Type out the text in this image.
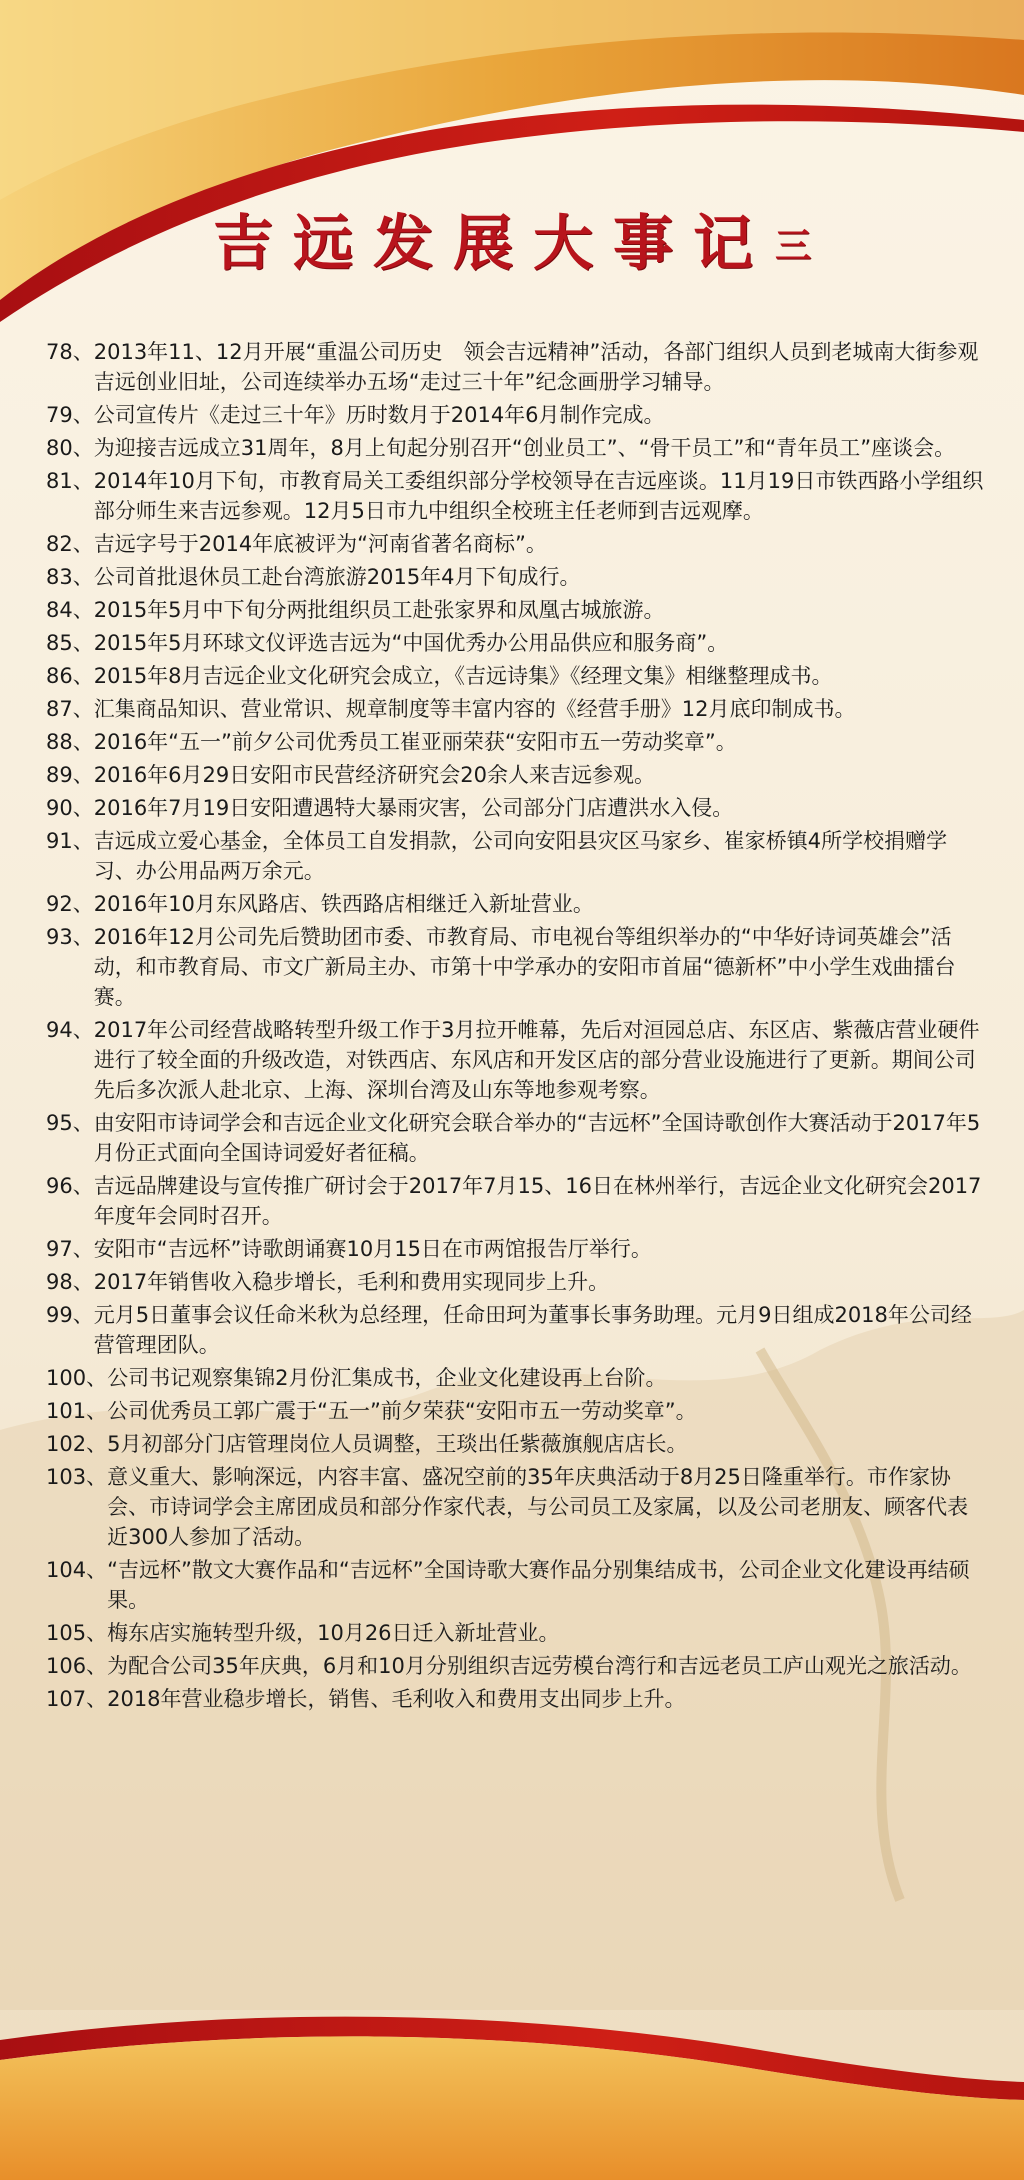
吉远发展大事记三
78、 2013年11、12月开展“重温公司历史　领会吉远精神”活动，各部门组织人员到老城南大街参观吉远创业旧址，公司连续举办五场“走过三十年”纪念画册学习辅导。
79、 公司宣传片《走过三十年》历时数月于2014年6月制作完成。
80、 为迎接吉远成立31周年，8月上旬起分别召开“创业员工”、“骨干员工”和“青年员工”座谈会。
81、 2014年10月下旬，市教育局关工委组织部分学校领导在吉远座谈。11月19日市铁西路小学组织部分师生来吉远参观。12月5日市九中组织全校班主任老师到吉远观摩。
82、 吉远字号于2014年底被评为“河南省著名商标”。
83、 公司首批退休员工赴台湾旅游2015年4月下旬成行。
84、 2015年5月中下旬分两批组织员工赴张家界和凤凰古城旅游。
85、 2015年5月环球文仪评选吉远为“中国优秀办公用品供应和服务商”。
86、 2015年8月吉远企业文化研究会成立，《吉远诗集》《经理文集》相继整理成书。
87、 汇集商品知识、营业常识、规章制度等丰富内容的《经营手册》12月底印制成书。
88、 2016年“五一”前夕公司优秀员工崔亚丽荣获“安阳市五一劳动奖章”。
89、 2016年6月29日安阳市民营经济研究会20余人来吉远参观。
90、 2016年7月19日安阳遭遇特大暴雨灾害，公司部分门店遭洪水入侵。
91、 吉远成立爱心基金，全体员工自发捐款，公司向安阳县灾区马家乡、崔家桥镇4所学校捐赠学习、办公用品两万余元。
92、 2016年10月东风路店、铁西路店相继迁入新址营业。
93、 2016年12月公司先后赞助团市委、市教育局、市电视台等组织举办的“中华好诗词英雄会”活动，和市教育局、市文广新局主办、市第十中学承办的安阳市首届“德新杯”中小学生戏曲擂台赛。
94、 2017年公司经营战略转型升级工作于3月拉开帷幕，先后对洹园总店、东区店、紫薇店营业硬件进行了较全面的升级改造，对铁西店、东风店和开发区店的部分营业设施进行了更新。期间公司先后多次派人赴北京、上海、深圳台湾及山东等地参观考察。
95、 由安阳市诗词学会和吉远企业文化研究会联合举办的“吉远杯”全国诗歌创作大赛活动于2017年5月份正式面向全国诗词爱好者征稿。
96、 吉远品牌建设与宣传推广研讨会于2017年7月15、16日在林州举行，吉远企业文化研究会2017年度年会同时召开。
97、 安阳市“吉远杯”诗歌朗诵赛10月15日在市两馆报告厅举行。
98、 2017年销售收入稳步增长，毛利和费用实现同步上升。
99、 元月5日董事会议任命米秋为总经理，任命田珂为董事长事务助理。元月9日组成2018年公司经营管理团队。
100、 公司书记观察集锦2月份汇集成书，企业文化建设再上台阶。
101、 公司优秀员工郭广震于“五一”前夕荣获“安阳市五一劳动奖章”。
102、 5月初部分门店管理岗位人员调整，王琰出任紫薇旗舰店店长。
103、 意义重大、影响深远，内容丰富、盛况空前的35年庆典活动于8月25日隆重举行。市作家协会、市诗词学会主席团成员和部分作家代表，与公司员工及家属，以及公司老朋友、顾客代表近300人参加了活动。
104、 “吉远杯”散文大赛作品和“吉远杯”全国诗歌大赛作品分别集结成书，公司企业文化建设再结硕果。
105、 梅东店实施转型升级，10月26日迁入新址营业。
106、 为配合公司35年庆典，6月和10月分别组织吉远劳模台湾行和吉远老员工庐山观光之旅活动。
107、 2018年营业稳步增长，销售、毛利收入和费用支出同步上升。
